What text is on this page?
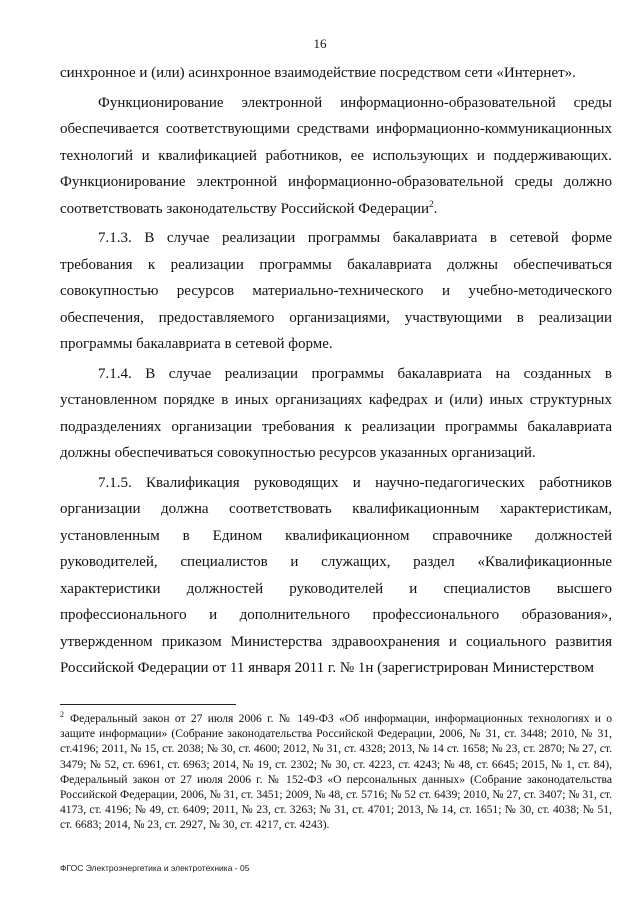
16

синхронное и (или) асинхронное взаимодействие посредством сети «Интернет».

Функционирование электронной информационно-образовательной среды обеспечивается соответствующими средствами информационно-коммуникационных технологий и квалификацией работников, ее использующих и поддерживающих. Функционирование электронной информационно-образовательной среды должно соответствовать законодательству Российской Федерации$^2$.

7.1.3. В случае реализации программы бакалавриата в сетевой форме требования к реализации программы бакалавриата должны обеспечиваться совокупностью ресурсов материально-технического и учебно-методического обеспечения, предоставляемого организациями, участвующими в реализации программы бакалавриата в сетевой форме.

7.1.4. В случае реализации программы бакалавриата на созданных в установленном порядке в иных организациях кафедрах и (или) иных структурных подразделениях организации требования к реализации программы бакалавриата должны обеспечиваться совокупностью ресурсов указанных организаций.

7.1.5. Квалификация руководящих и научно-педагогических работников организации должна соответствовать квалификационным характеристикам, установленным в Едином квалификационном справочнике должностей руководителей, специалистов и служащих, раздел «Квалификационные характеристики должностей руководителей и специалистов высшего профессионального и дополнительного профессионального образования», утвержденном приказом Министерства здравоохранения и социального развития Российской Федерации от 11 января 2011 г. № 1н (зарегистрирован Министерством

$^2$ Федеральный закон от 27 июля 2006 г. № 149-ФЗ «Об информации, информационных технологиях и о защите информации» (Собрание законодательства Российской Федерации, 2006, № 31, ст. 3448; 2010, № 31, ст.4196; 2011, № 15, ст. 2038; № 30, ст. 4600; 2012, № 31, ст. 4328; 2013, № 14 ст. 1658; № 23, ст. 2870; № 27, ст. 3479; № 52, ст. 6961, ст. 6963; 2014, № 19, ст. 2302; № 30, ст. 4223, ст. 4243; № 48, ст. 6645; 2015, № 1, ст. 84), Федеральный закон от 27 июля 2006 г. № 152-ФЗ «О персональных данных» (Собрание законодательства Российской Федерации, 2006, № 31, ст. 3451; 2009, № 48, ст. 5716; № 52 ст. 6439; 2010, № 27, ст. 3407; № 31, ст. 4173, ст. 4196; № 49, ст. 6409; 2011, № 23, ст. 3263; № 31, ст. 4701; 2013, № 14, ст. 1651; № 30, ст. 4038; № 51, ст. 6683; 2014, № 23, ст. 2927, № 30, ст. 4217, ст. 4243).
ФГОС Электроэнергетика и электротехника - 05
